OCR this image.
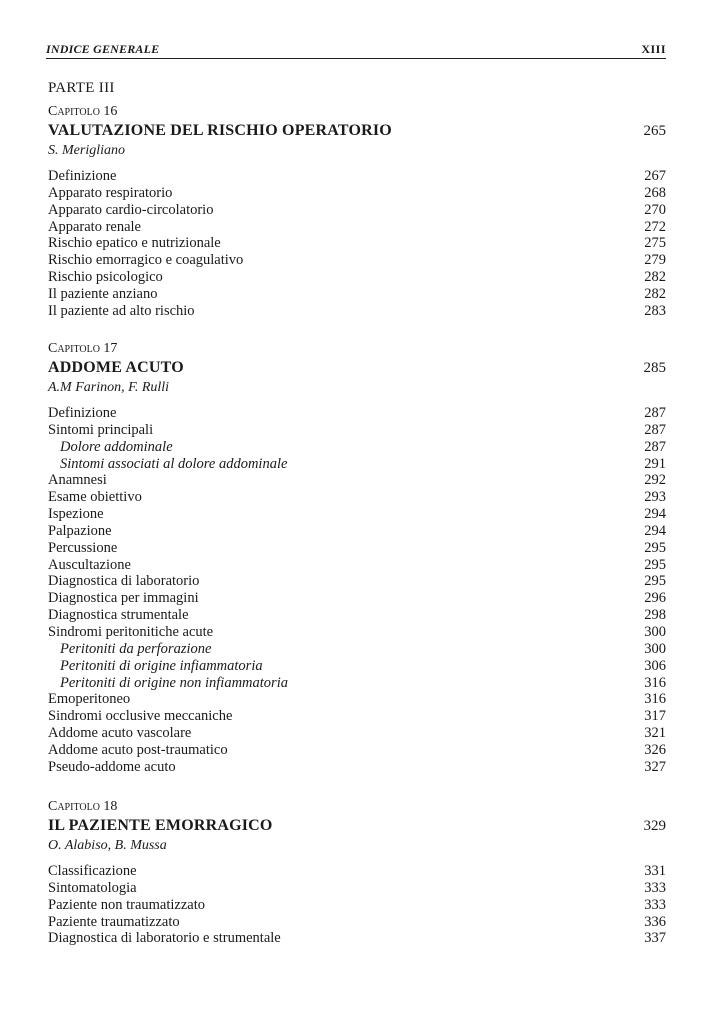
INDICE GENERALE	XIII
PARTE III
Capitolo 16
VALUTAZIONE DEL RISCHIO OPERATORIO	265
S. Merigliano
Definizione	267
Apparato respiratorio	268
Apparato cardio-circolatorio	270
Apparato renale	272
Rischio epatico e nutrizionale	275
Rischio emorragico e coagulativo	279
Rischio psicologico	282
Il paziente anziano	282
Il paziente ad alto rischio	283
Capitolo 17
ADDOME ACUTO	285
A.M Farinon, F. Rulli
Definizione	287
Sintomi principali	287
Dolore addominale	287
Sintomi associati al dolore addominale	291
Anamnesi	292
Esame obiettivo	293
Ispezione	294
Palpazione	294
Percussione	295
Auscultazione	295
Diagnostica di laboratorio	295
Diagnostica per immagini	296
Diagnostica strumentale	298
Sindromi peritonitiche acute	300
Peritoniti da perforazione	300
Peritoniti di origine infiammatoria	306
Peritoniti di origine non infiammatoria	316
Emoperitoneo	316
Sindromi occlusive meccaniche	317
Addome acuto vascolare	321
Addome acuto post-traumatico	326
Pseudo-addome acuto	327
Capitolo 18
IL PAZIENTE EMORRAGICO	329
O. Alabiso, B. Mussa
Classificazione	331
Sintomatologia	333
Paziente non traumatizzato	333
Paziente traumatizzato	336
Diagnostica di laboratorio e strumentale	337
